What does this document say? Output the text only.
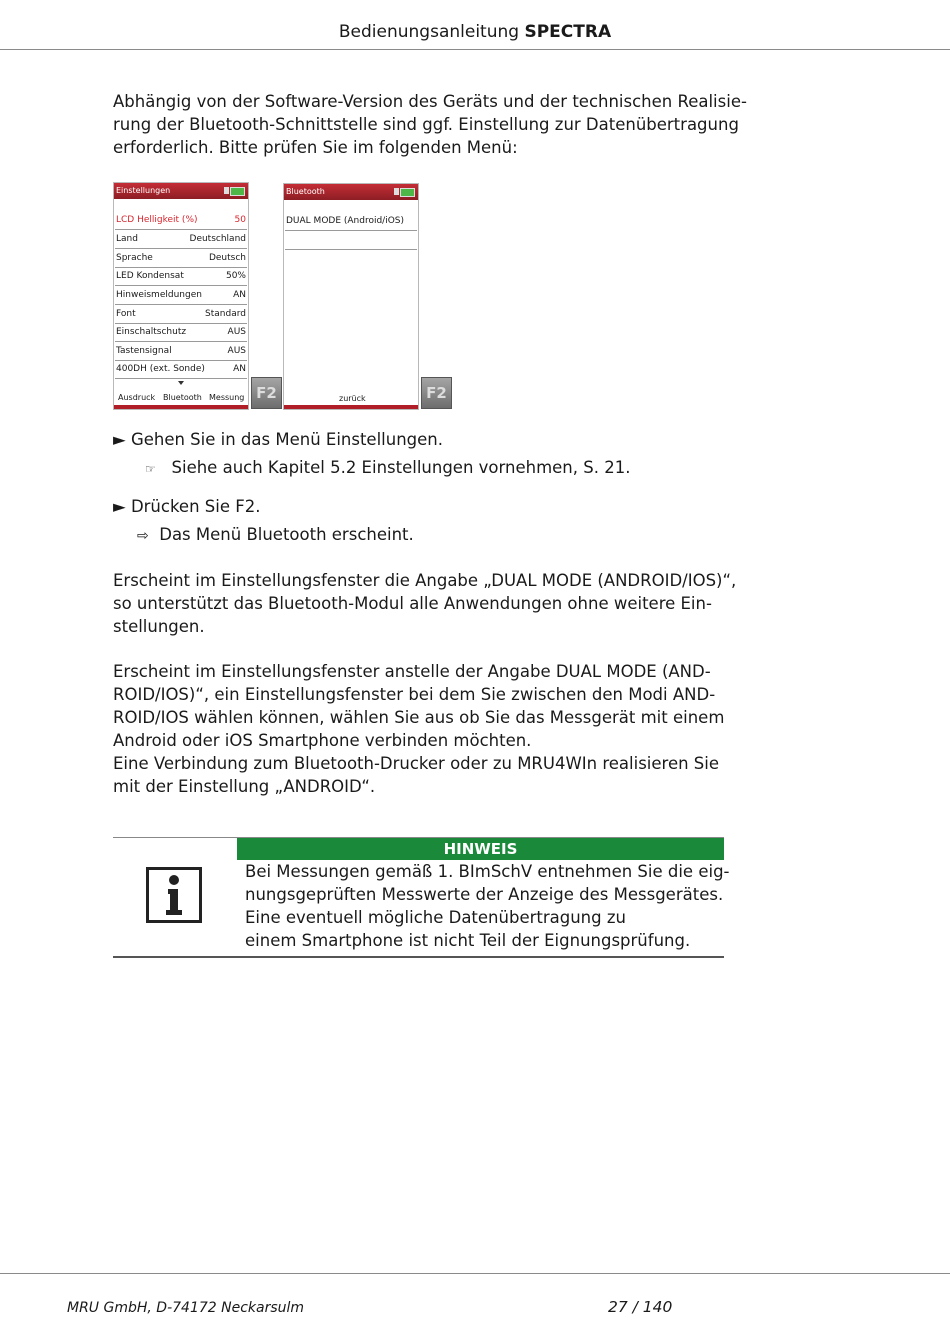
Bedienungsanleitung SPECTRA
Abhängig von der Software-Version des Geräts und der technischen Realisie-
rung der Bluetooth-Schnittstelle sind ggf. Einstellung zur Datenübertragung
erforderlich. Bitte prüfen Sie im folgenden Menü:
Einstellungen
LCD Helligkeit (%)	50
Land	Deutschland
Sprache	Deutsch
LED Kondensat	50%
Hinweismeldungen	AN
Font	Standard
Einschaltschutz	AUS
Tastensignal	AUS
400DH (ext. Sonde)	AN
Ausdruck Bluetooth Messung F2
Bluetooth
DUAL MODE (Android/iOS)
zurück	F2
► Gehen Sie in das Menü Einstellungen.
☞ Siehe auch Kapitel 5.2 Einstellungen vornehmen, S. 21.
► Drücken Sie F2.
⇨ Das Menü Bluetooth erscheint.
Erscheint im Einstellungsfenster die Angabe „DUAL MODE (ANDROID/IOS)“,
so unterstützt das Bluetooth-Modul alle Anwendungen ohne weitere Ein-
stellungen.
Erscheint im Einstellungsfenster anstelle der Angabe DUAL MODE (AND-
ROID/IOS)“, ein Einstellungsfenster bei dem Sie zwischen den Modi AND-
ROID/IOS wählen können, wählen Sie aus ob Sie das Messgerät mit einem
Android oder iOS Smartphone verbinden möchten.
Eine Verbindung zum Bluetooth-Drucker oder zu MRU4WIn realisieren Sie
mit der Einstellung „ANDROID“.
HINWEIS
Bei Messungen gemäß 1. BImSchV entnehmen Sie die eig-
nungsgeprüften Messwerte der Anzeige des Messgerätes.
Eine eventuell mögliche Datenübertragung zu
einem Smartphone ist nicht Teil der Eignungsprüfung.
MRU GmbH, D-74172 Neckarsulm	27 / 140
